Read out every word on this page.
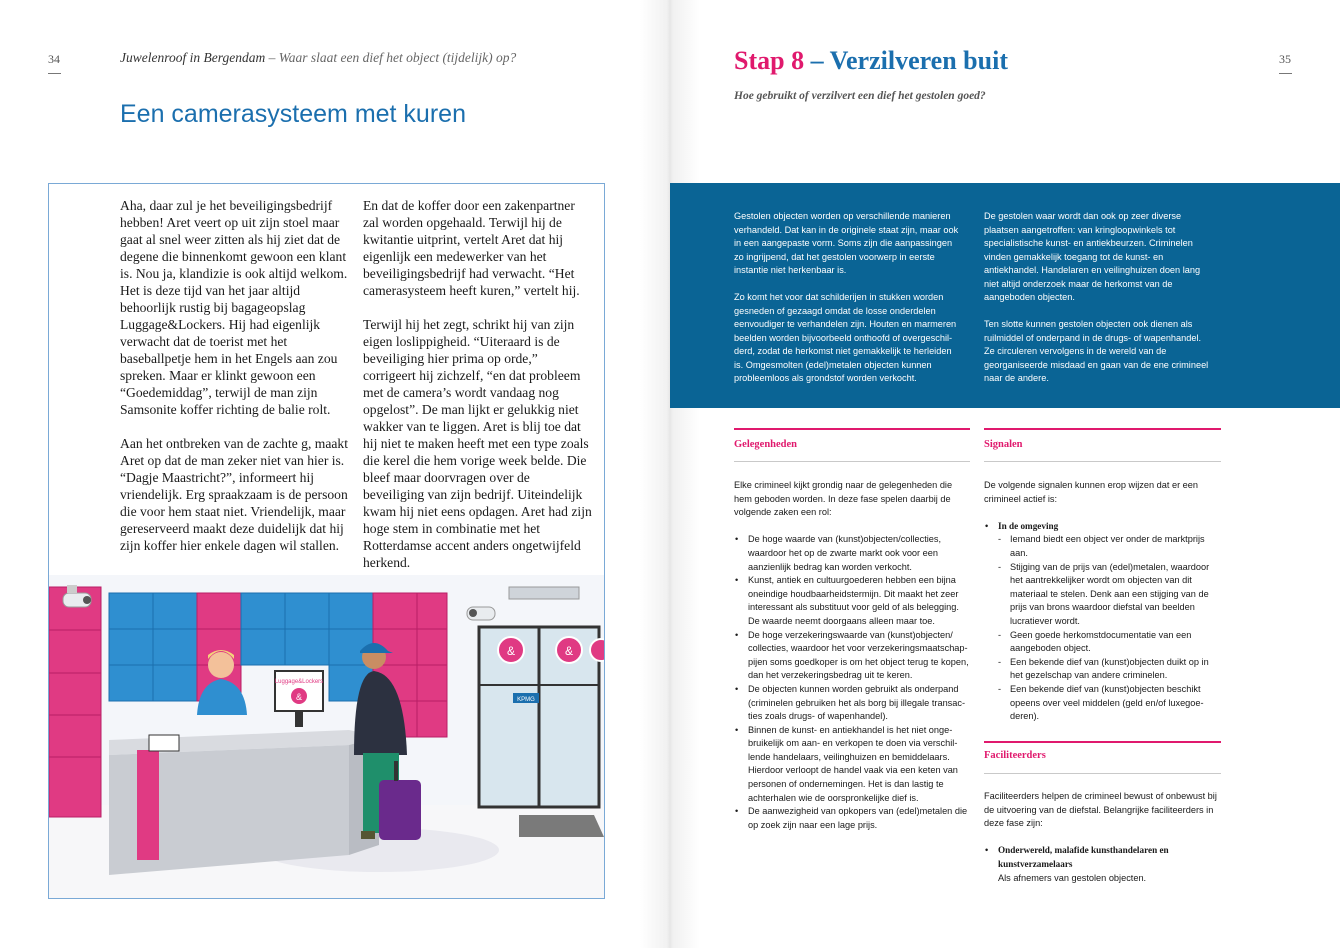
34	Juwelenroof in Bergendam – Waar slaat een dief het object (tijdelijk) op?
Een camerasysteem met kuren

Aha, daar zul je het beveiligingsbedrijf hebben! Aret veert op uit zijn stoel maar gaat al snel weer zitten als hij ziet dat de degene die binnenkomt gewoon een klant is. Nou ja, klandizie is ook altijd welkom. Het is deze tijd van het jaar altijd behoorlijk rustig bij bagageopslag Luggage&Lockers. Hij had eigenlijk verwacht dat de toerist met het baseballpetje hem in het Engels aan zou spreken. Maar er klinkt gewoon een “Goedemiddag”, terwijl de man zijn Samsonite koffer richting de balie rolt.

Aan het ontbreken van de zachte g, maakt Aret op dat de man zeker niet van hier is. “Dagje Maastricht?”, informeert hij vriendelijk. Erg spraakzaam is de persoon die voor hem staat niet. Vriendelijk, maar gereserveerd maakt deze duidelijk dat hij zijn koffer hier enkele dagen wil stallen.

En dat de koffer door een zakenpartner zal worden opgehaald. Terwijl hij de kwitantie uitprint, vertelt Aret dat hij eigenlijk een medewerker van het beveiligingsbedrijf had verwacht. “Het camerasysteem heeft kuren,” vertelt hij.

Terwijl hij het zegt, schrikt hij van zijn eigen loslippigheid. “Uiteraard is de beveiliging hier prima op orde,” corrigeert hij zichzelf, “en dat probleem met de camera’s wordt vandaag nog opgelost”. De man lijkt er gelukkig niet wakker van te liggen. Aret is blij toe dat hij niet te maken heeft met een type zoals die kerel die hem vorige week belde. Die bleef maar doorvragen over de beveiliging van zijn bedrijf. Uiteindelijk kwam hij niet eens opdagen. Aret had zijn hoge stem in combinatie met het Rotterdamse accent anders ongetwijfeld herkend.

&	&
KPMG
Luggage&Lockers
&
35
Stap 8 – Verzilveren buit
Hoe gebruikt of verzilvert een dief het gestolen goed?

Gestolen objecten worden op verschillende manieren verhandeld. Dat kan in de originele staat zijn, maar ook in een aangepaste vorm. Soms zijn die aanpassingen zo ingrijpend, dat het gestolen voorwerp in eerste instantie niet herkenbaar is.

Zo komt het voor dat schilderijen in stukken worden gesneden of gezaagd omdat de losse onderdelen eenvoudiger te verhandelen zijn. Houten en marmeren beelden worden bijvoorbeeld onthoofd of overgeschilderd, zodat de herkomst niet gemakkelijk te herleiden is. Omgesmolten (edel)metalen objecten kunnen probleemloos als grondstof worden verkocht.

De gestolen waar wordt dan ook op zeer diverse plaatsen aangetroffen: van kringloopwinkels tot specialistische kunst- en antiekbeurzen. Criminelen vinden gemakkelijk toegang tot de kunst- en antiekhandel. Handelaren en veilinghuizen doen lang niet altijd onderzoek maar de herkomst van de aangeboden objecten.

Ten slotte kunnen gestolen objecten ook dienen als ruilmiddel of onderpand in de drugs- of wapenhandel. Ze circuleren vervolgens in de wereld van de georganiseerde misdaad en gaan van de ene crimineel naar de andere.

Gelegenheden

Elke crimineel kijkt grondig naar de gelegenheden die hem geboden worden. In deze fase spelen daarbij de volgende zaken een rol:

• De hoge waarde van (kunst)objecten/collecties, waardoor het op de zwarte markt ook voor een aanzienlijk bedrag kan worden verkocht.
• Kunst, antiek en cultuurgoederen hebben een bijna oneindige houdbaarheidstermijn. Dit maakt het zeer interessant als substituut voor geld of als belegging. De waarde neemt doorgaans alleen maar toe.
• De hoge verzekeringswaarde van (kunst)objecten/ collecties, waardoor het voor verzekeringsmaatschappijen soms goedkoper is om het object terug te kopen, dan het verzekeringsbedrag uit te keren.
• De objecten kunnen worden gebruikt als onderpand (criminelen gebruiken het als borg bij illegale transacties zoals drugs- of wapenhandel).
• Binnen de kunst- en antiekhandel is het niet ongebruikelijk om aan- en verkopen te doen via verschillende handelaars, veilinghuizen en bemiddelaars. Hierdoor verloopt de handel vaak via een keten van personen of ondernemingen. Het is dan lastig te achterhalen wie de oorspronkelijke dief is.
• De aanwezigheid van opkopers van (edel)metalen die op zoek zijn naar een lage prijs.
Signalen

De volgende signalen kunnen erop wijzen dat er een crimineel actief is:

• In de omgeving
- Iemand biedt een object ver onder de marktprijs aan.
- Stijging van de prijs van (edel)metalen, waardoor het aantrekkelijker wordt om objecten van dit materiaal te stelen. Denk aan een stijging van de prijs van brons waardoor diefstal van beelden lucratiever wordt.
- Geen goede herkomstdocumentatie van een aangeboden object.
- Een bekende dief van (kunst)objecten duikt op in het gezelschap van andere criminelen.
- Een bekende dief van (kunst)objecten beschikt opeens over veel middelen (geld en/of luxegoederen).
Faciliteerders

Faciliteerders helpen de crimineel bewust of onbewust bij de uitvoering van de diefstal. Belangrijke faciliteerders in deze fase zijn:

• Onderwereld, malafide kunsthandelaren en kunstverzamelaars
Als afnemers van gestolen objecten.
